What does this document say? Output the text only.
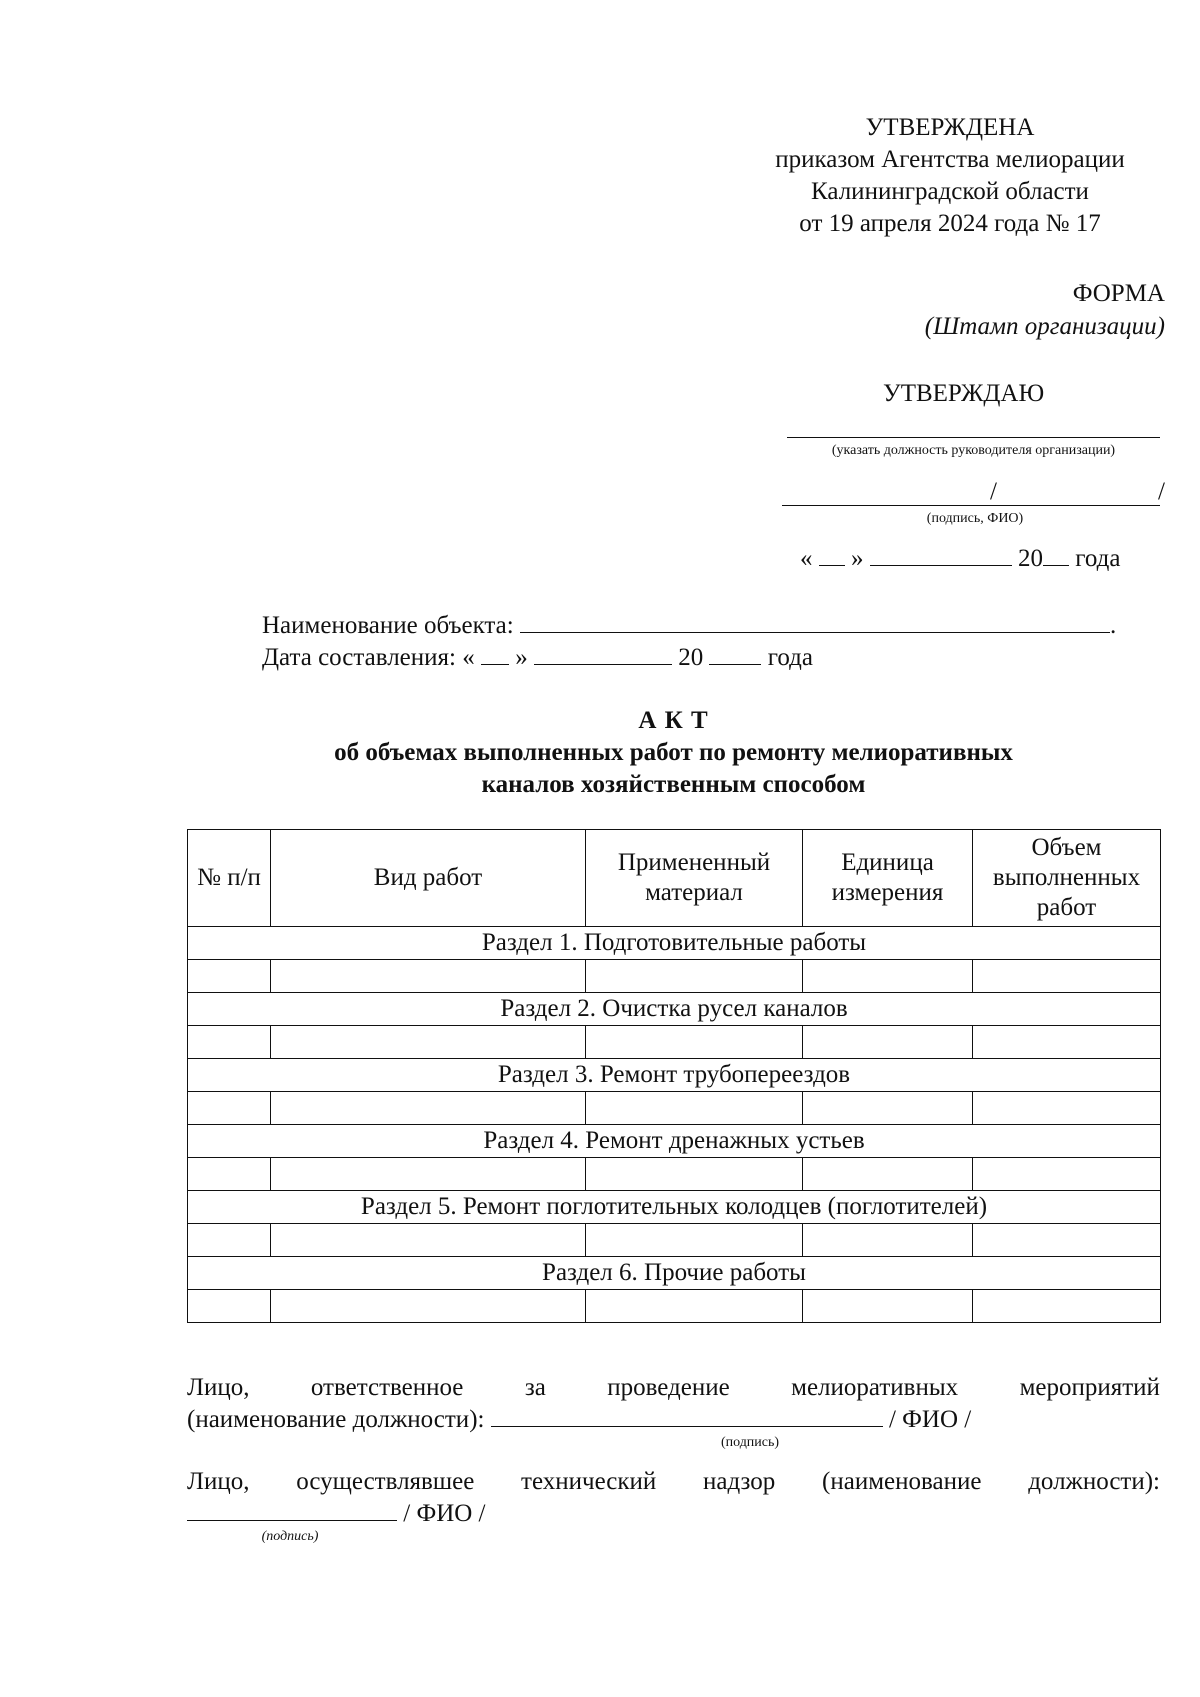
УТВЕРЖДЕНА
приказом Агентства мелиорации
Калининградской области
от 19 апреля 2024 года № 17
ФОРМА
(Штамп организации)
УТВЕРЖДАЮ
(указать должность руководителя организации)
/	/
(подпись, ФИО)
« »	20 года
Наименование объекта:	.
Дата составления: « »	20	года
А К Т
об объемах выполненных работ по ремонту мелиоративных
каналов хозяйственным способом
№ п/п	Вид работ	Примененный материал	Единица измерения	Объем выполненных работ
Раздел 1. Подготовительные работы				

Раздел 2. Очистка русел каналов				

Раздел 3. Ремонт трубопереездов				

Раздел 4. Ремонт дренажных устьев				

Раздел 5. Ремонт поглотительных колодцев (поглотителей)				

Раздел 6. Прочие работы				

Лицо, ответственное за проведение мелиоративных мероприятий
(наименование должности):	/ ФИО /
(подпись)
Лицо, осуществлявшее технический надзор (наименование должности):
/ ФИО /
(подпись)
